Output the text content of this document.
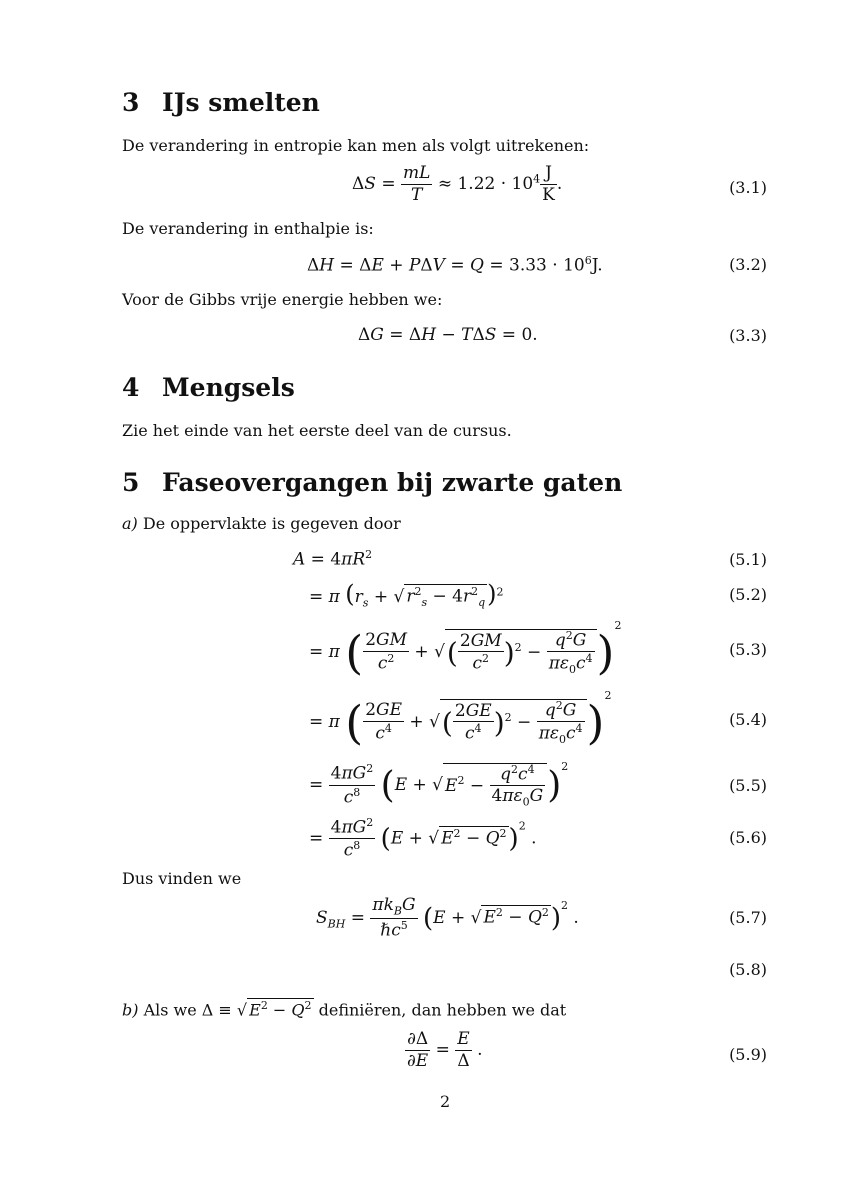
3 IJs smelten
De verandering in entropie kan men als volgt uitrekenen:
$\Delta S = \frac{mL}{T} \approx 1.22 \cdot 10^4 \frac{J}{K}$ .	(3.1)
De verandering in enthalpie is:
$\Delta H = \Delta E + P\Delta V = Q = 3.33 \cdot 10^6J$.	(3.2)
Voor de Gibbs vrije energie hebben we:
ΔG = ΔH − TΔS = 0.	(3.3)
4 Mengsels
Zie het einde van het eerste deel van de cursus.
5 Faseovergangen bij zwarte gaten
a) De oppervlakte is gegeven door
$A = 4\pi R^2$	(5.1)
= π ($r_s$ + √ $r^2_s - 4r^2_q)^2$	(5.2)
= π ( $\frac{2GM}{c^2}$ + √( $\frac{2GM}{c^2} )^2 - \frac{q^2G}{\pi\varepsilon_0c^4} )^2$
(5.3)
= π ( $\frac{2GE}{c^4}$ + √( $\frac{2GE}{c^4} )^2 - \frac{q^2G}{\pi\varepsilon_0c^4} )^2$
(5.4)
= $\frac{4\pi G^2}{c^8} (E$ + √ $E^2 - \frac{q^2c^4}{4\pi\varepsilon_0G} )^2$
(5.5)
= $\frac{4\pi G^2}{c^8} (E$ + √ $E^2 - Q^2)^2$ .	(5.6)
Dus vinden we
$S_{BH} = \frac{\pi k_BG}{\hbar c^5} (E$ + √ $E^2 - Q^2)^2$ .	(5.7)
(5.8)
b) Als we Δ ≡ √ $E^2 - Q^2$ definiëren, dan hebben we dat
$\frac{\partial\Delta}{\partial E} = \frac{E}{\Delta}$ .	(5.9)
2
